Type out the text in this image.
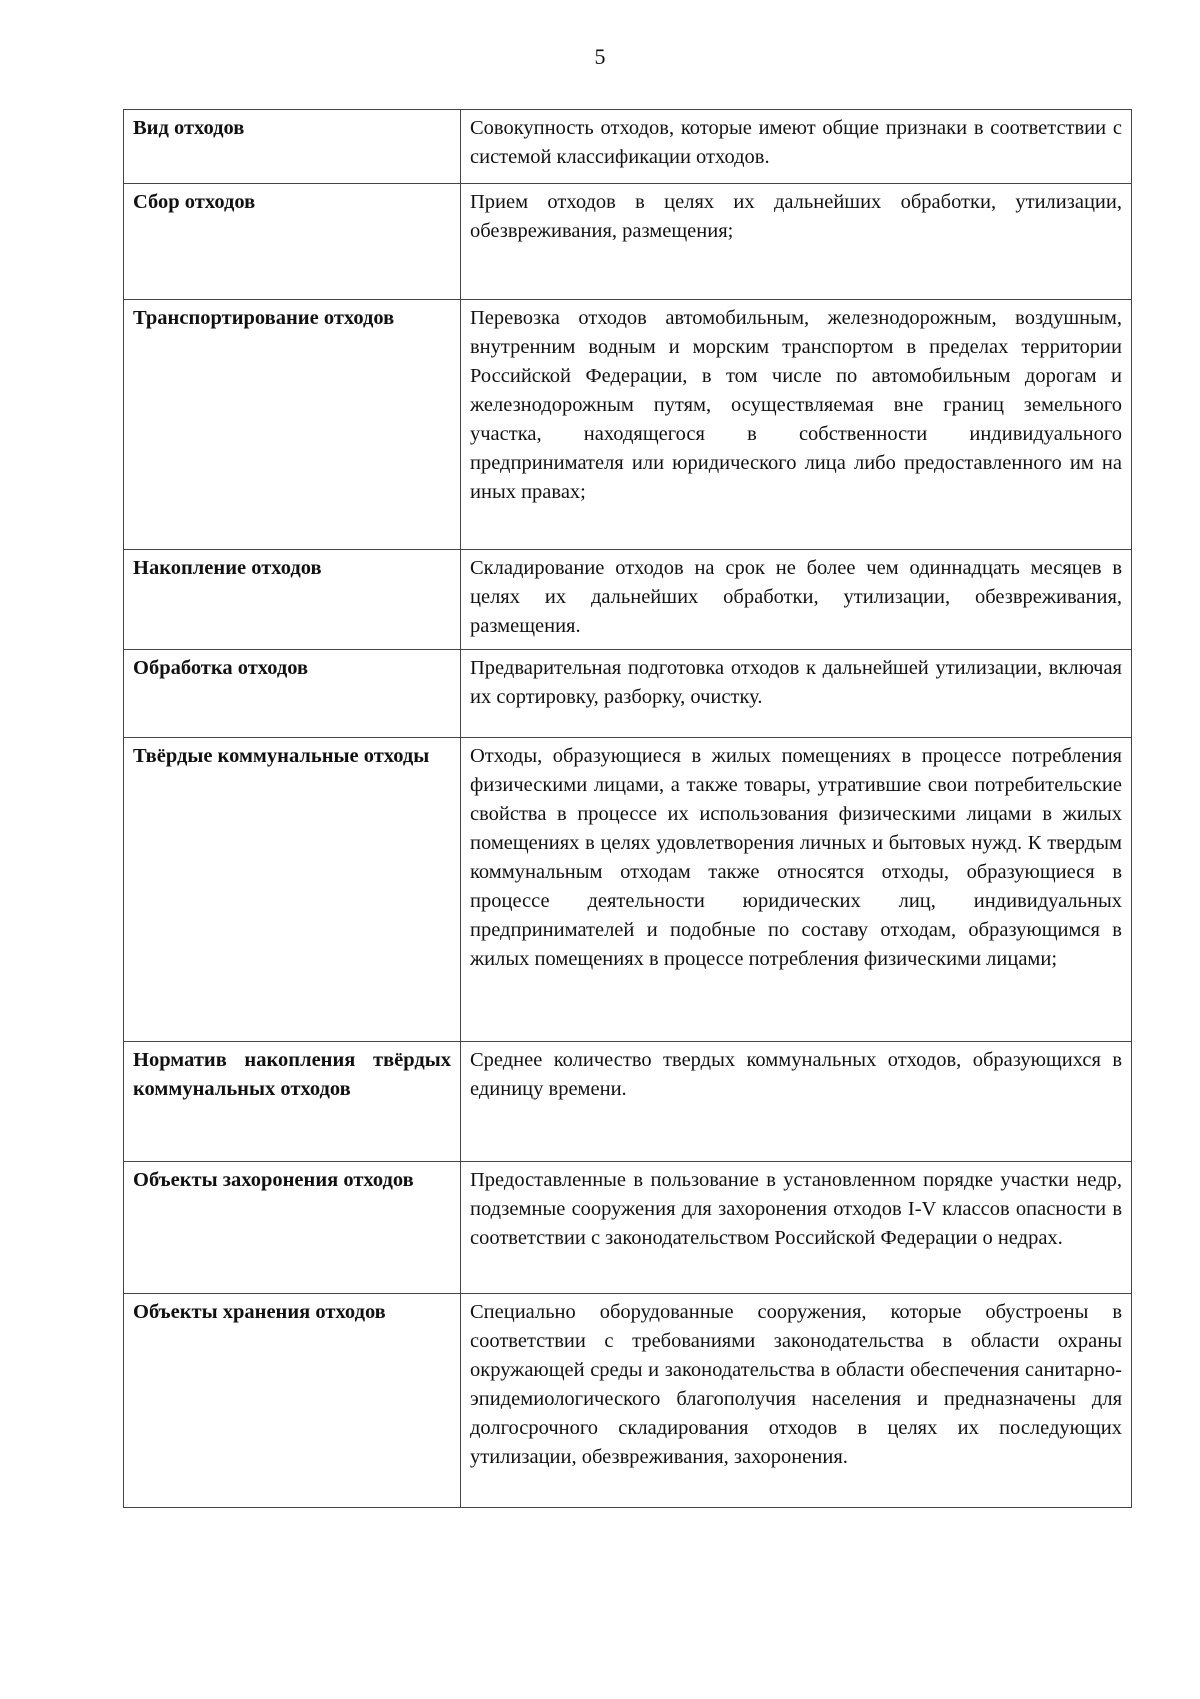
5
Вид отходов	Совокупность отходов, которые имеют общие признаки в соответствии с системой классификации отходов.
Сбор отходов	Прием отходов в целях их дальнейших обработки, утилизации, обезвреживания, размещения;
Транспортирование отходов	Перевозка отходов автомобильным, железнодорожным, воздушным, внутренним водным и морским транспортом в пределах территории Российской Федерации, в том числе по автомобильным дорогам и железнодорожным путям, осуществляемая вне границ земельного участка, находящегося в собственности индивидуального предпринимателя или юридического лица либо предоставленного им на иных правах;
Накопление отходов	Складирование отходов на срок не более чем одиннадцать месяцев в целях их дальнейших обработки, утилизации, обезвреживания, размещения.
Обработка отходов	Предварительная подготовка отходов к дальнейшей утилизации, включая их сортировку, разборку, очистку.
Твёрдые коммунальные отходы	Отходы, образующиеся в жилых помещениях в процессе потребления физическими лицами, а также товары, утратившие свои потребительские свойства в процессе их использования физическими лицами в жилых помещениях в целях удовлетворения личных и бытовых нужд. К твердым коммунальным отходам также относятся отходы, образующиеся в процессе деятельности юридических лиц, индивидуальных предпринимателей и подобные по составу отходам, образующимся в жилых помещениях в процессе потребления физическими лицами;
Норматив накопления твёрдых коммунальных отходов	Среднее количество твердых коммунальных отходов, образующихся в единицу времени.
Объекты захоронения отходов	Предоставленные в пользование в установленном порядке участки недр, подземные сооружения для захоронения отходов I-V классов опасности в соответствии с законодательством Российской Федерации о недрах.
Объекты хранения отходов	Специально оборудованные сооружения, которые обустроены в соответствии с требованиями законодательства в области охраны окружающей среды и законодательства в области обеспечения санитарно-эпидемиологического благополучия населения и предназначены для долгосрочного складирования отходов в целях их последующих утилизации, обезвреживания, захоронения.
